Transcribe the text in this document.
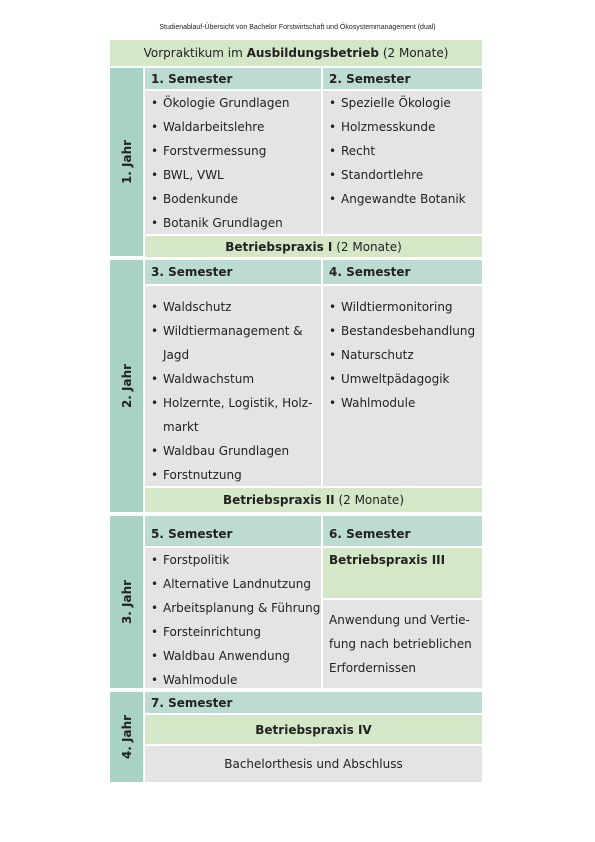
Studienablauf-Übersicht von Bachelor Forstwirtschaft und Ökosystemmanagement (dual)
Vorpraktikum im Ausbildungsbetrieb (2 Monate)
1. Jahr
2. Jahr
3. Jahr
4. Jahr
1. Semester	2. Semester
• Ökologie Grundlagen
• Waldarbeitslehre
• Forstvermessung
• BWL, VWL
• Bodenkunde
• Botanik Grundlagen
• Spezielle Ökologie
• Holzmesskunde
• Recht
• Standortlehre
• Angewandte Botanik
Betriebspraxis I (2 Monate)
3. Semester	4. Semester
• Waldschutz
• Wildtiermanagement & Jagd
• Waldwachstum
• Holzernte, Logistik, Holzmarkt
• Waldbau Grundlagen
• Forstnutzung
• Wildtiermonitoring
• Bestandesbehandlung
• Naturschutz
• Umweltpädagogik
• Wahlmodule
Betriebspraxis II (2 Monate)
5. Semester	6. Semester
• Forstpolitik
• Alternative Landnutzung
• Arbeitsplanung & Führung
• Forsteinrichtung
• Waldbau Anwendung
• Wahlmodule
Betriebspraxis III
Anwendung und Vertiefung nach betrieblichen Erfordernissen
7. Semester
Betriebspraxis IV
Bachelorthesis und Abschluss
